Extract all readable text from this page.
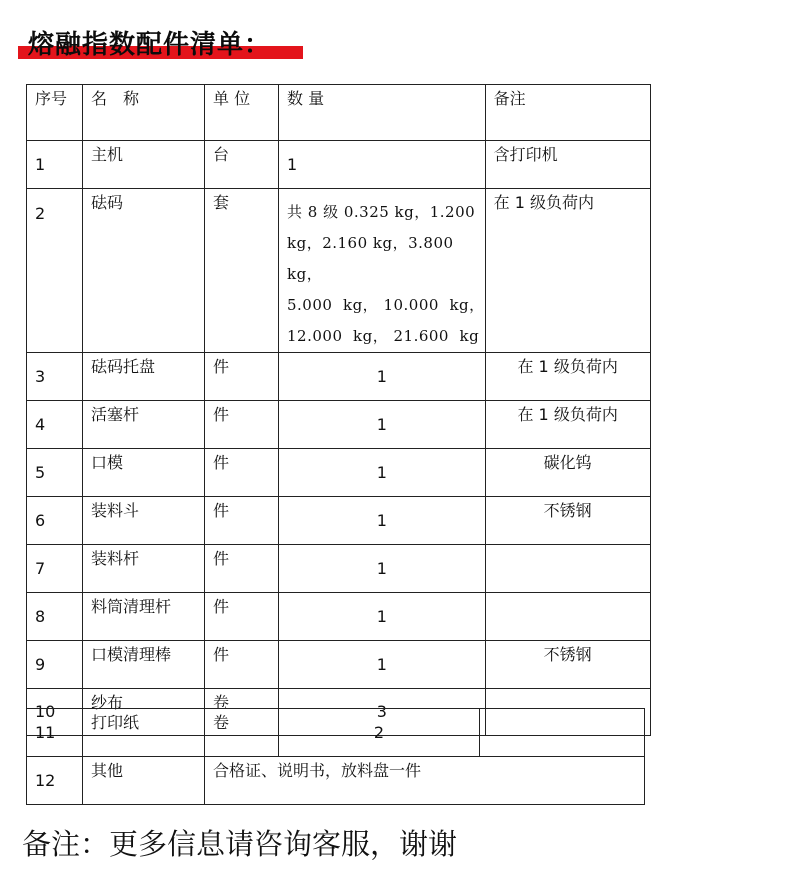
熔融指数配件清单：
序号	名　称	单 位	数 量	备注
1	主机	台	1	含打印机
2	砝码	套	共 8 级 0.325 kg，1.200
kg，2.160 kg，3.800 kg，
5.000  kg， 10.000  kg，
12.000  kg， 21.600  kg	在 1 级负荷内
3	砝码托盘	件	1	在 1 级负荷内
4	活塞杆	件	1	在 1 级负荷内
5	口模	件	1	碳化钨
6	装料斗	件	1	不锈钢
7	装料杆	件	1	
8	料筒清理杆	件	1	
9	口模清理棒	件	1	不锈钢
10	纱布	卷	3	
11	打印纸	卷	2	
12	其他	合格证、说明书，放料盘一件		
备注：更多信息请咨询客服，谢谢
